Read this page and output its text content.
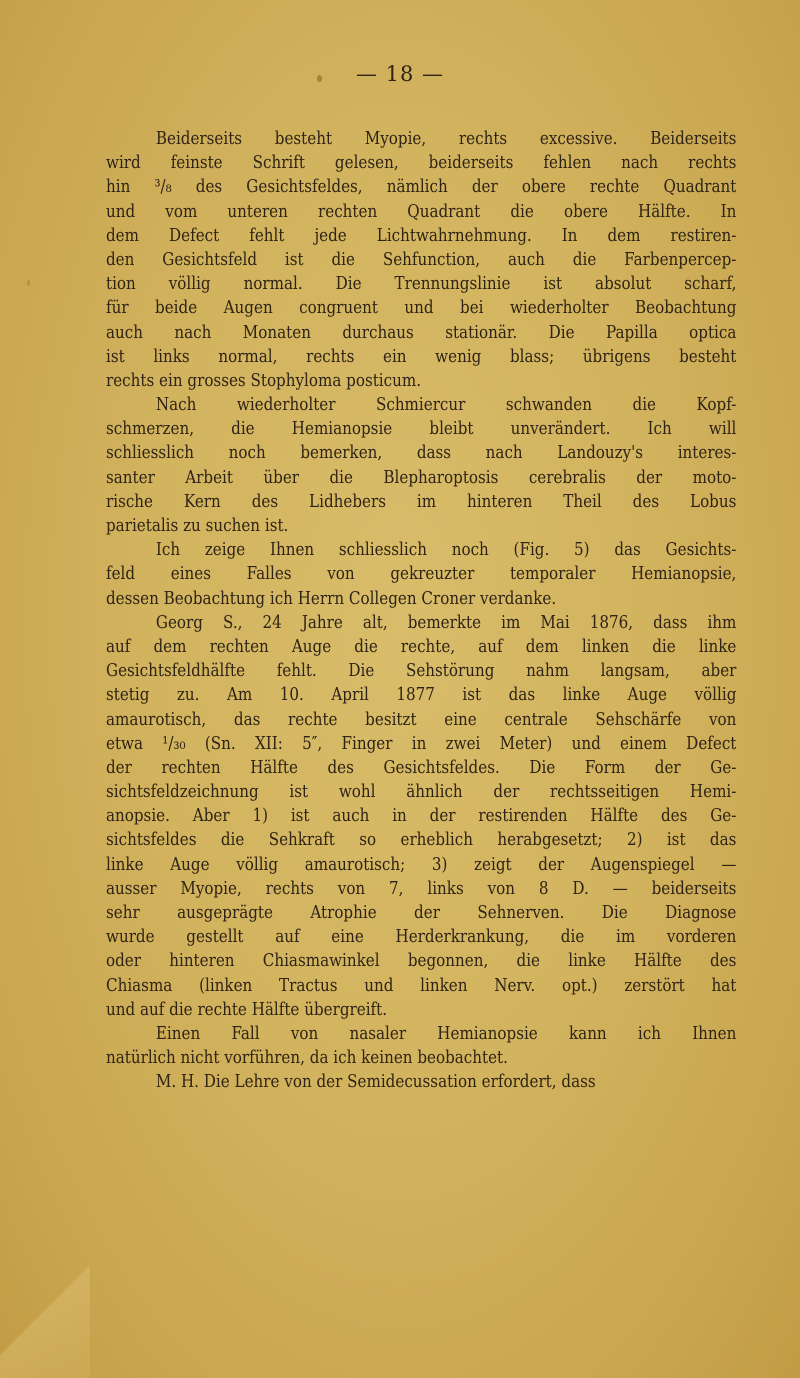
— 18 —
Beiderseits besteht Myopie, rechts excessive. Beiderseits
wird feinste Schrift gelesen, beiderseits fehlen nach rechts
hin ³/₈ des Gesichtsfeldes, nämlich der obere rechte Quadrant
und vom unteren rechten Quadrant die obere Hälfte. In
dem Defect fehlt jede Lichtwahrnehmung. In dem restiren-
den Gesichtsfeld ist die Sehfunction, auch die Farbenpercep-
tion völlig normal. Die Trennungslinie ist absolut scharf,
für beide Augen congruent und bei wiederholter Beobachtung
auch nach Monaten durchaus stationär. Die Papilla optica
ist links normal, rechts ein wenig blass; übrigens besteht
rechts ein grosses Stophyloma posticum.
Nach wiederholter Schmiercur schwanden die Kopf-
schmerzen, die Hemianopsie bleibt unverändert. Ich will
schliesslich noch bemerken, dass nach Landouzy's interes-
santer Arbeit über die Blepharoptosis cerebralis der moto-
rische Kern des Lidhebers im hinteren Theil des Lobus
parietalis zu suchen ist.
Ich zeige Ihnen schliesslich noch (Fig. 5) das Gesichts-
feld eines Falles von gekreuzter temporaler Hemianopsie,
dessen Beobachtung ich Herrn Collegen Croner verdanke.
Georg S., 24 Jahre alt, bemerkte im Mai 1876, dass ihm
auf dem rechten Auge die rechte, auf dem linken die linke
Gesichtsfeldhälfte fehlt. Die Sehstörung nahm langsam, aber
stetig zu. Am 10. April 1877 ist das linke Auge völlig
amaurotisch, das rechte besitzt eine centrale Sehschärfe von
etwa ¹/₃₀ (Sn. XII: 5″, Finger in zwei Meter) und einem Defect
der rechten Hälfte des Gesichtsfeldes. Die Form der Ge-
sichtsfeldzeichnung ist wohl ähnlich der rechtsseitigen Hemi-
anopsie. Aber 1) ist auch in der restirenden Hälfte des Ge-
sichtsfeldes die Sehkraft so erheblich herabgesetzt; 2) ist das
linke Auge völlig amaurotisch; 3) zeigt der Augenspiegel —
ausser Myopie, rechts von 7, links von 8 D. — beiderseits
sehr ausgeprägte Atrophie der Sehnerven. Die Diagnose
wurde gestellt auf eine Herderkrankung, die im vorderen
oder hinteren Chiasmawinkel begonnen, die linke Hälfte des
Chiasma (linken Tractus und linken Nerv. opt.) zerstört hat
und auf die rechte Hälfte übergreift.
Einen Fall von nasaler Hemianopsie kann ich Ihnen
natürlich nicht vorführen, da ich keinen beobachtet.
M. H. Die Lehre von der Semidecussation erfordert, dass
